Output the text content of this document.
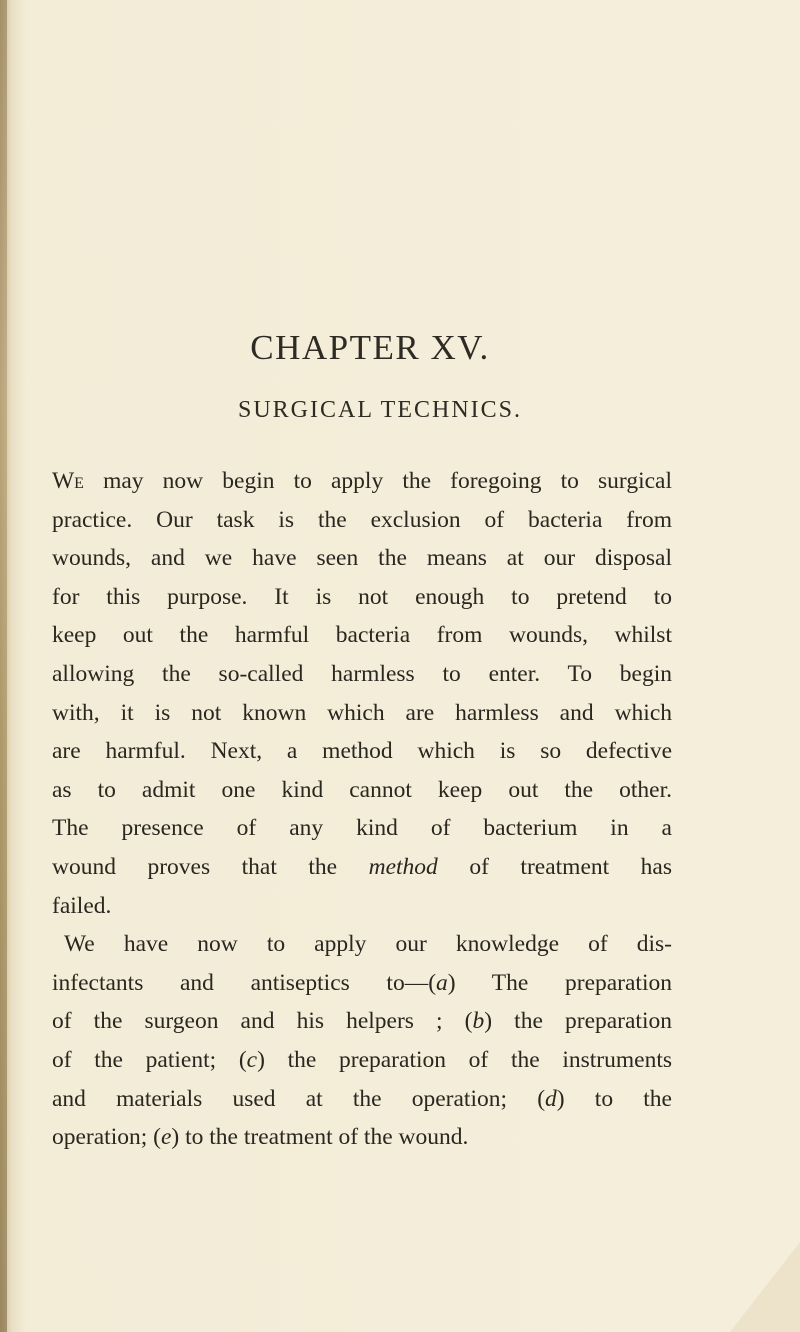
CHAPTER XV.
SURGICAL TECHNICS.
We may now begin to apply the foregoing to surgical
practice. Our task is the exclusion of bacteria from
wounds, and we have seen the means at our disposal
for this purpose. It is not enough to pretend to
keep out the harmful bacteria from wounds, whilst
allowing the so-called harmless to enter. To begin
with, it is not known which are harmless and which
are harmful. Next, a method which is so defective
as to admit one kind cannot keep out the other.
The presence of any kind of bacterium in a
wound proves that the method of treatment has
failed.
We have now to apply our knowledge of dis-
infectants and antiseptics to—(a) The preparation
of the surgeon and his helpers ; (b) the preparation
of the patient; (c) the preparation of the instruments
and materials used at the operation; (d) to the
operation; (e) to the treatment of the wound.
